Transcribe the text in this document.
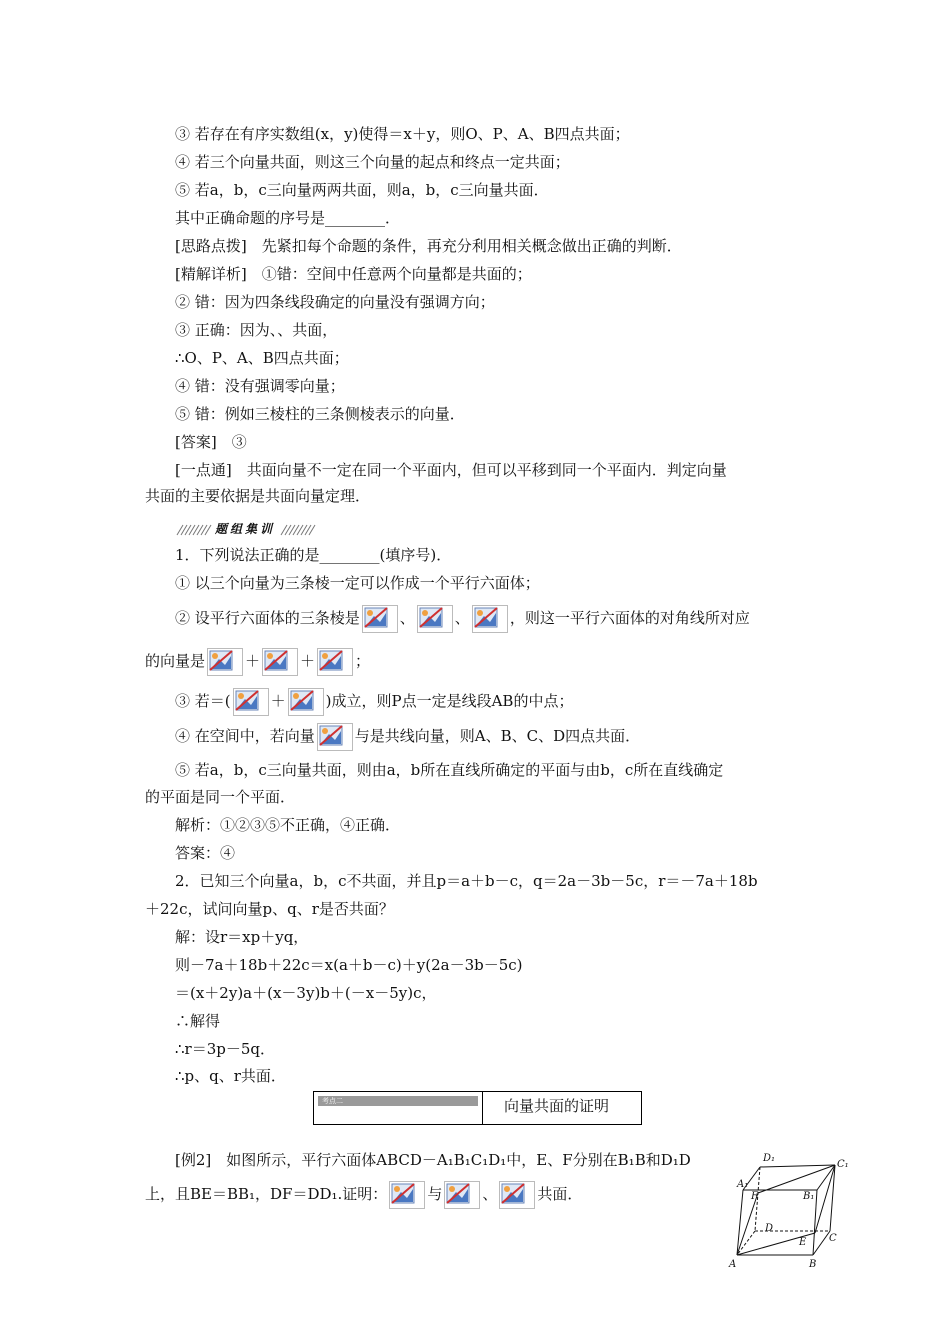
③ 若存在有序实数组(x，y)使得＝x＋y，则O、P、A、B四点共面；
④ 若三个向量共面，则这三个向量的起点和终点一定共面；
⑤ 若a，b，c三向量两两共面，则a，b，c三向量共面．
其中正确命题的序号是________．
[思路点拨]　先紧扣每个命题的条件，再充分利用相关概念做出正确的判断．
[精解详析]　①错：空间中任意两个向量都是共面的；
② 错：因为四条线段确定的向量没有强调方向；
③ 正确：因为、、共面，
∴O、P、A、B四点共面；
④ 错：没有强调零向量；
⑤ 错：例如三棱柱的三条侧棱表示的向量．
[答案]　③
[一点通]　共面向量不一定在同一个平面内，但可以平移到同一个平面内．判定向量
共面的主要依据是共面向量定理．
题组集训
1．下列说法正确的是________(填序号)．
① 以三个向量为三条棱一定可以作成一个平行六面体；
② 设平行六面体的三条棱是	、	、	，则这一平行六面体的对角线所对应
的向量是	＋	＋	；
③ 若＝(	＋	)成立，则P点一定是线段AB的中点；
④ 在空间中，若向量	与是共线向量，则A、B、C、D四点共面．
⑤ 若a，b，c三向量共面，则由a，b所在直线所确定的平面与由b，c所在直线确定
的平面是同一个平面．
解析：①②③⑤不正确，④正确．
答案：④
2．已知三个向量a，b，c不共面，并且p＝a＋b－c，q＝2a－3b－5c，r＝－7a＋18b
＋22c，试问向量p、q、r是否共面？
解：设r＝xp＋yq，
则－7a＋18b＋22c＝x(a＋b－c)＋y(2a－3b－5c)
＝(x＋2y)a＋(x－3y)b＋(－x－5y)c，
∴解得
∴r＝3p－5q．
∴p、q、r共面．
考点二	向量共面的证明
[例2]　如图所示，平行六面体ABCD－A₁B₁C₁D₁中，E、F分别在B₁B和D₁D
上，且BE＝BB₁，DF＝DD₁.证明：	与	、	共面．
D₁
C₁
A₁
B₁
F
D
C
E
A	B
